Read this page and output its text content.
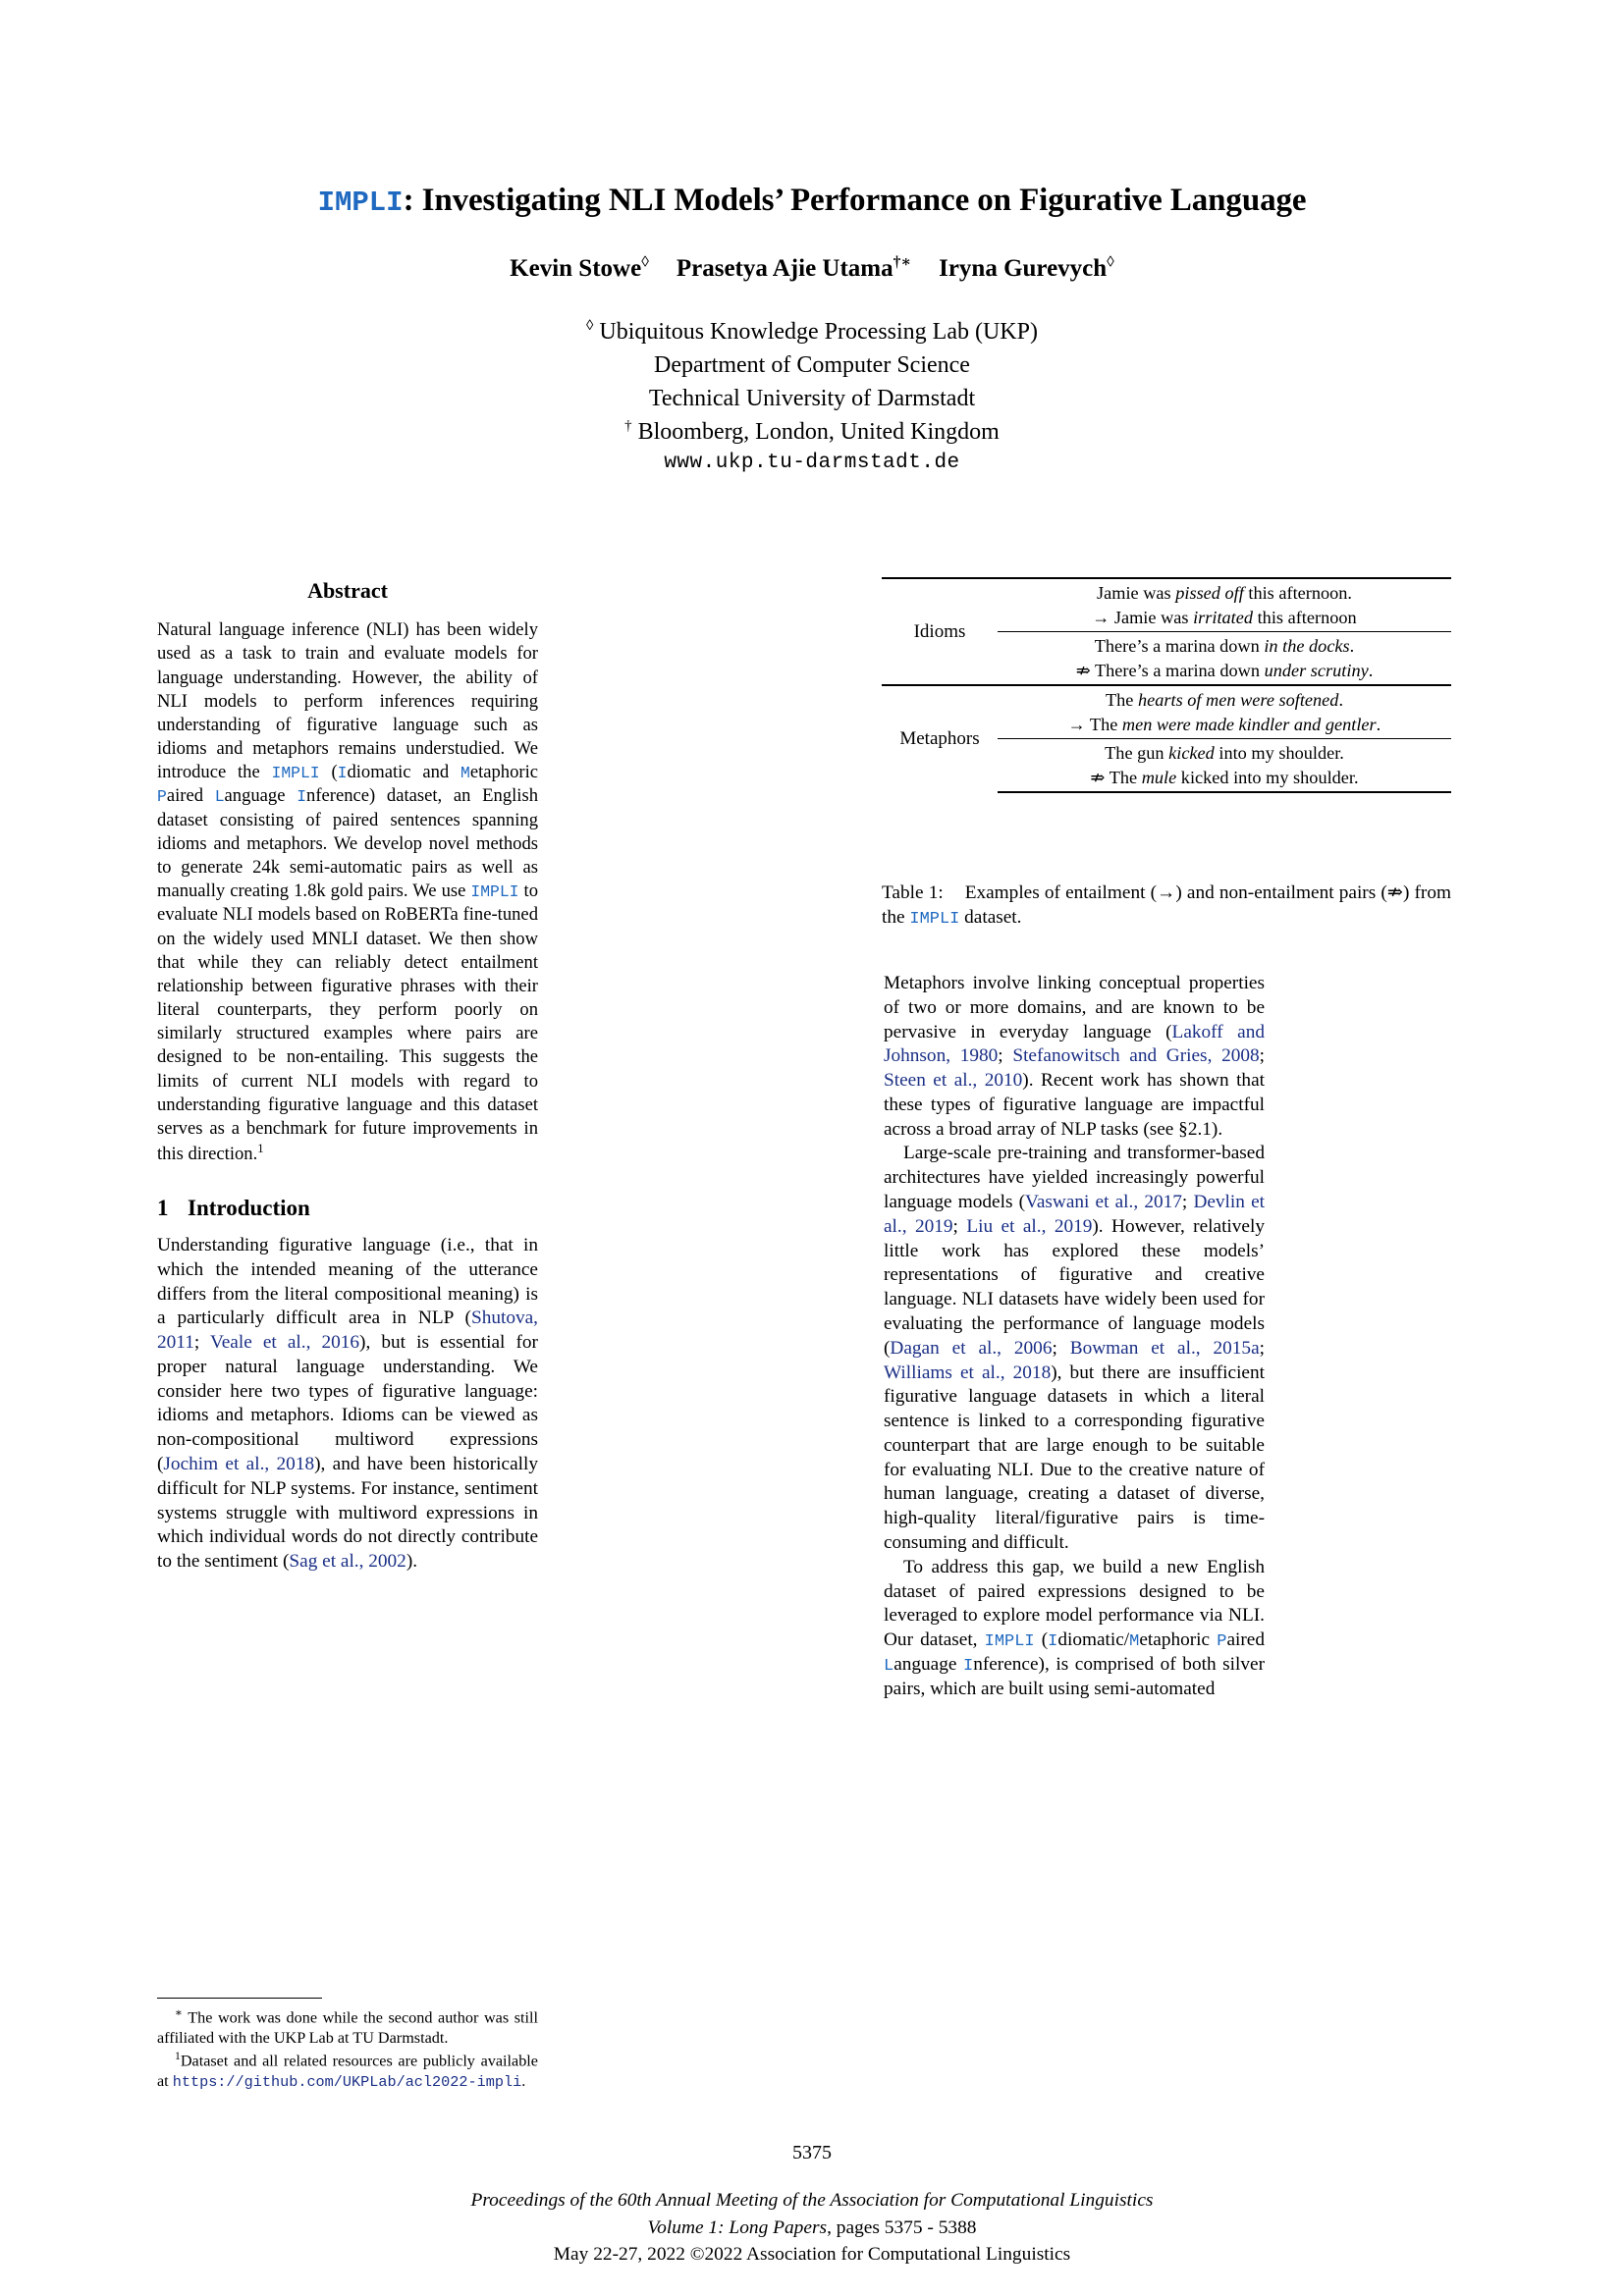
IMPLI: Investigating NLI Models’ Performance on Figurative Language
Kevin Stowe◊ Prasetya Ajie Utama†∗ Iryna Gurevych◊
◊ Ubiquitous Knowledge Processing Lab (UKP)
Department of Computer Science
Technical University of Darmstadt
† Bloomberg, London, United Kingdom
www.ukp.tu-darmstadt.de
Abstract

Natural language inference (NLI) has been widely used as a task to train and evaluate models for language understanding. However, the ability of NLI models to perform inferences requiring understanding of figurative language such as idioms and metaphors remains understudied. We introduce the IMPLI (Idiomatic and Metaphoric Paired Language Inference) dataset, an English dataset consisting of paired sentences spanning idioms and metaphors. We develop novel methods to generate 24k semi-automatic pairs as well as manually creating 1.8k gold pairs. We use IMPLI to evaluate NLI models based on RoBERTa fine-tuned on the widely used MNLI dataset. We then show that while they can reliably detect entailment relationship between figurative phrases with their literal counterparts, they perform poorly on similarly structured examples where pairs are designed to be non-entailing. This suggests the limits of current NLI models with regard to understanding figurative language and this dataset serves as a benchmark for future improvements in this direction.$^1$

1 Introduction

Understanding figurative language (i.e., that in which the intended meaning of the utterance differs from the literal compositional meaning) is a particularly difficult area in NLP (Shutova, 2011; Veale et al., 2016), but is essential for proper natural language understanding. We consider here two types of figurative language: idioms and metaphors. Idioms can be viewed as non-compositional multiword expressions (Jochim et al., 2018), and have been historically difficult for NLP systems. For instance, sentiment systems struggle with multiword expressions in which individual words do not directly contribute to the sentiment (Sag et al., 2002).

Idioms	Jamie was pissed off this afternoon.
→ Jamie was irritated this afternoon

	There’s a marina down in the docks.
⇏ There’s a marina down under scrutiny.

Metaphors	The hearts of men were softened.
→ The men were made kindler and gentler.

	The gun kicked into my shoulder.
⇏ The mule kicked into my shoulder.
Table 1: Examples of entailment (→) and non-entailment pairs (⇏) from the IMPLI dataset.

Metaphors involve linking conceptual properties of two or more domains, and are known to be pervasive in everyday language (Lakoff and Johnson, 1980; Stefanowitsch and Gries, 2008; Steen et al., 2010). Recent work has shown that these types of figurative language are impactful across a broad array of NLP tasks (see §2.1).

Large-scale pre-training and transformer-based architectures have yielded increasingly powerful language models (Vaswani et al., 2017; Devlin et al., 2019; Liu et al., 2019). However, relatively little work has explored these models’ representations of figurative and creative language. NLI datasets have widely been used for evaluating the performance of language models (Dagan et al., 2006; Bowman et al., 2015a; Williams et al., 2018), but there are insufficient figurative language datasets in which a literal sentence is linked to a corresponding figurative counterpart that are large enough to be suitable for evaluating NLI. Due to the creative nature of human language, creating a dataset of diverse, high-quality literal/figurative pairs is time-consuming and difficult.

To address this gap, we build a new English dataset of paired expressions designed to be leveraged to explore model performance via NLI. Our dataset, IMPLI (Idiomatic/Metaphoric Paired Language Inference), is comprised of both silver pairs, which are built using semi-automated

∗ The work was done while the second author was still affiliated with the UKP Lab at TU Darmstadt.

$^1$Dataset and all related resources are publicly available at https://github.com/UKPLab/acl2022-impli.

5375
Proceedings of the 60th Annual Meeting of the Association for Computational Linguistics
Volume 1: Long Papers, pages 5375 - 5388
May 22-27, 2022 ©2022 Association for Computational Linguistics
